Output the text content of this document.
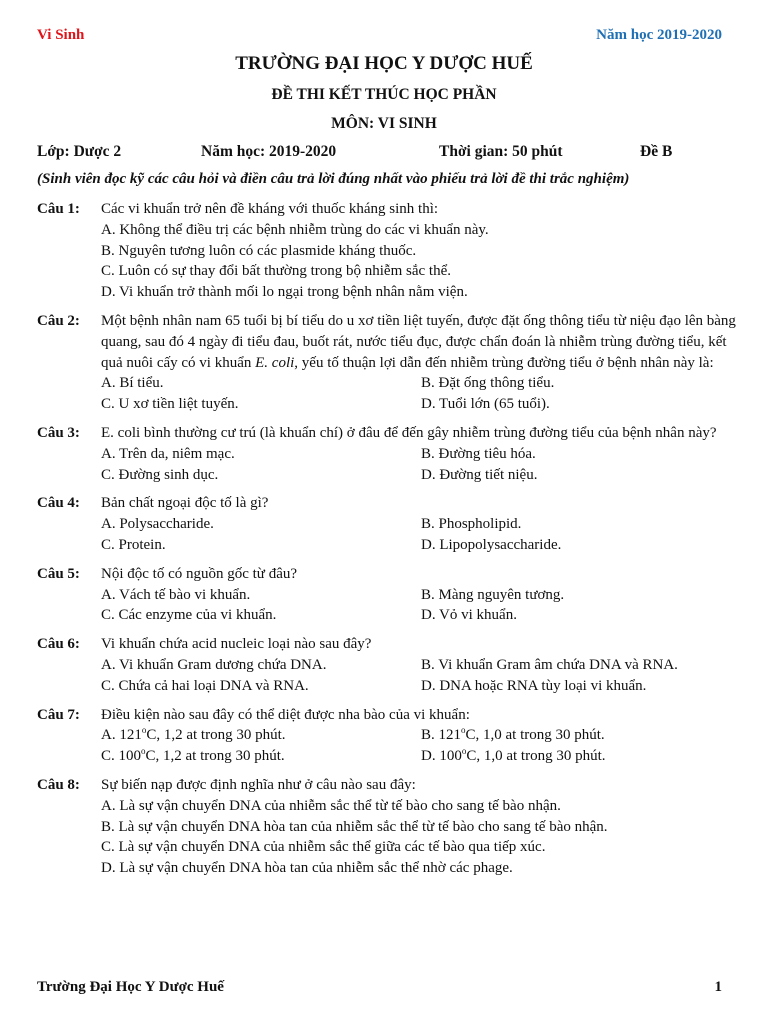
Vi Sinh	Năm học 2019-2020
TRƯỜNG ĐẠI HỌC Y DƯỢC HUẾ
ĐỀ THI KẾT THÚC HỌC PHẦN
MÔN: VI SINH
Lớp: Dược 2	Năm học: 2019-2020	Thời gian: 50 phút	Đề B
(Sinh viên đọc kỹ các câu hỏi và điền câu trả lời đúng nhất vào phiếu trả lời đề thi trắc nghiệm)
Câu 1: Các vi khuẩn trở nên đề kháng với thuốc kháng sinh thì:
A. Không thể điều trị các bệnh nhiễm trùng do các vi khuẩn này.
B. Nguyên tương luôn có các plasmide kháng thuốc.
C. Luôn có sự thay đổi bất thường trong bộ nhiễm sắc thể.
D. Vi khuẩn trở thành mối lo ngại trong bệnh nhân nằm viện.
Câu 2: Một bệnh nhân nam 65 tuổi bị bí tiểu do u xơ tiền liệt tuyến, được đặt ống thông tiểu từ niệu đạo lên bàng quang, sau đó 4 ngày đi tiểu đau, buốt rát, nước tiểu đục, được chẩn đoán là nhiễm trùng đường tiểu, kết quả nuôi cấy có vi khuẩn E. coli, yếu tố thuận lợi dẫn đến nhiễm trùng đường tiểu ở bệnh nhân này là:
A. Bí tiểu.	B. Đặt ống thông tiểu.
C. U xơ tiền liệt tuyến.	D. Tuổi lớn (65 tuổi).
Câu 3: E. coli bình thường cư trú (là khuẩn chí) ở đâu để đến gây nhiễm trùng đường tiểu của bệnh nhân này?
A. Trên da, niêm mạc.	B. Đường tiêu hóa.
C. Đường sinh dục.	D. Đường tiết niệu.
Câu 4: Bản chất ngoại độc tố là gì?
A. Polysaccharide.	B. Phospholipid.
C. Protein.	D. Lipopolysaccharide.
Câu 5: Nội độc tố có nguồn gốc từ đâu?
A. Vách tế bào vi khuẩn.	B. Màng nguyên tương.
C. Các enzyme của vi khuẩn.	D. Vỏ vi khuẩn.
Câu 6: Vi khuẩn chứa acid nucleic loại nào sau đây?
A. Vi khuẩn Gram dương chứa DNA.	B. Vi khuẩn Gram âm chứa DNA và RNA.
C. Chứa cả hai loại DNA và RNA.	D. DNA hoặc RNA tùy loại vi khuẩn.
Câu 7: Điều kiện nào sau đây có thể diệt được nha bào của vi khuẩn:
A. 121$^o$C, 1,2 at trong 30 phút.	B. 121$^o$C, 1,0 at trong 30 phút.
C. 100$^o$C, 1,2 at trong 30 phút.	D. 100$^o$C, 1,0 at trong 30 phút.
Câu 8: Sự biến nạp được định nghĩa như ở câu nào sau đây:
A. Là sự vận chuyển DNA của nhiễm sắc thể từ tế bào cho sang tế bào nhận.
B. Là sự vận chuyển DNA hòa tan của nhiễm sắc thể từ tế bào cho sang tế bào nhận.
C. Là sự vận chuyển DNA của nhiễm sắc thể giữa các tế bào qua tiếp xúc.
D. Là sự vận chuyển DNA hòa tan của nhiễm sắc thể nhờ các phage.
Trường Đại Học Y Dược Huế	1
